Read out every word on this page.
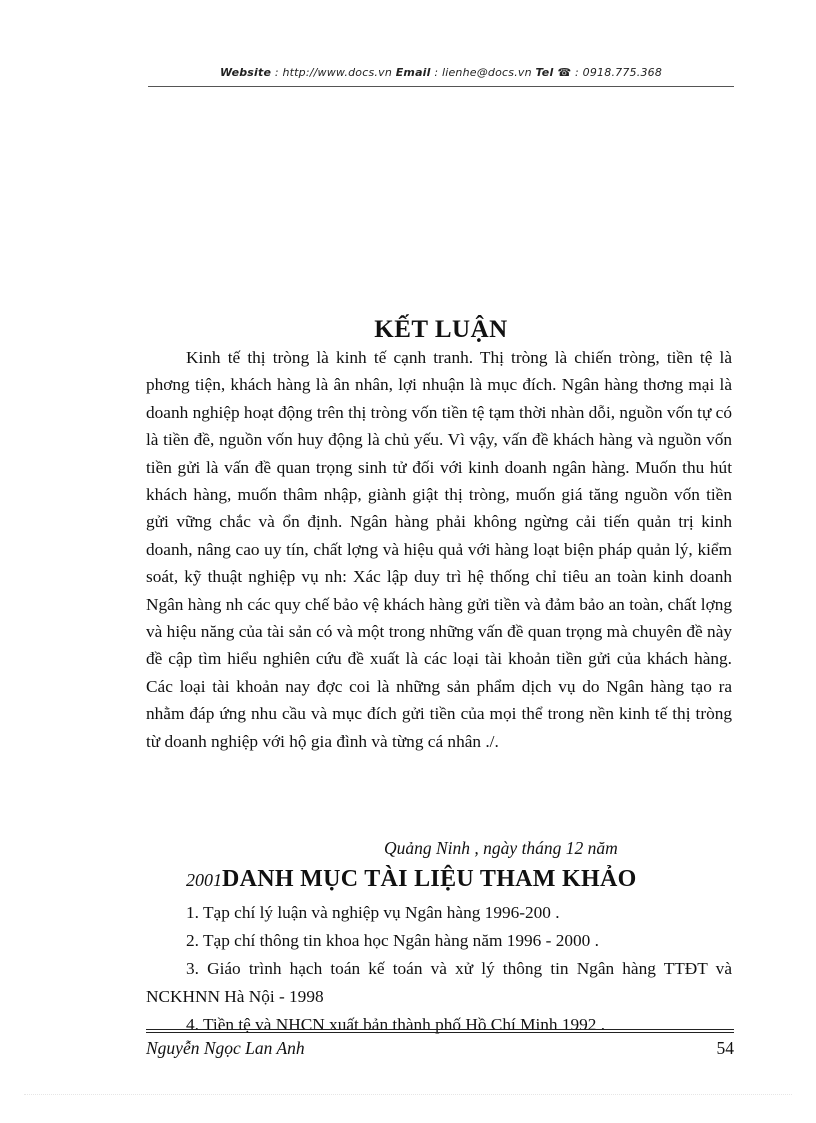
Website : http://www.docs.vn Email : lienhe@docs.vn Tel ☎ : 0918.775.368
KẾT LUẬN

Kinh tế thị tròng là kinh tế cạnh tranh. Thị tròng là chiến tròng, tiền tệ là phơng tiện, khách hàng là ân nhân, lợi nhuận là mục đích. Ngân hàng thơng mại là doanh nghiệp hoạt động trên thị tròng vốn tiền tệ tạm thời nhàn dỗi, nguồn vốn tự có là tiền đề, nguồn vốn huy động là chủ yếu. Vì vậy, vấn đề khách hàng và nguồn vốn tiền gửi là vấn đề quan trọng sinh tử đối với kinh doanh ngân hàng. Muốn thu hút khách hàng, muốn thâm nhập, giành giật thị tròng, muốn giá tăng nguồn vốn tiền gửi vững chắc và ổn định. Ngân hàng phải không ngừng cải tiến quản trị kinh doanh, nâng cao uy tín, chất lợng và hiệu quả với hàng loạt biện pháp quản lý, kiểm soát, kỹ thuật nghiệp vụ nh: Xác lập duy trì hệ thống chỉ tiêu an toàn kinh doanh Ngân hàng nh các quy chế bảo vệ khách hàng gửi tiền và đảm bảo an toàn, chất lợng và hiệu năng của tài sản có và một trong những vấn đề quan trọng mà chuyên đề này đề cập tìm hiểu nghiên cứu đề xuất là các loại tài khoản tiền gửi của khách hàng. Các loại tài khoản nay đợc coi là những sản phẩm dịch vụ do Ngân hàng tạo ra nhằm đáp ứng nhu cầu và mục đích gửi tiền của mọi thể trong nền kinh tế thị tròng từ doanh nghiệp với hộ gia đình và từng cá nhân ./.

Quảng Ninh , ngày tháng 12 năm
2001DANH MỤC TÀI LIỆU THAM KHẢO
1. Tạp chí lý luận và nghiệp vụ Ngân hàng 1996-200 .
2. Tạp chí thông tin khoa học Ngân hàng năm 1996 - 2000 .
3. Giáo trình hạch toán kế toán và xử lý thông tin Ngân hàng TTĐT và NCKHNN Hà Nội - 1998
4. Tiền tệ và NHCN xuất bản thành phố Hồ Chí Minh 1992 .
Nguyễn Ngọc Lan Anh	54
